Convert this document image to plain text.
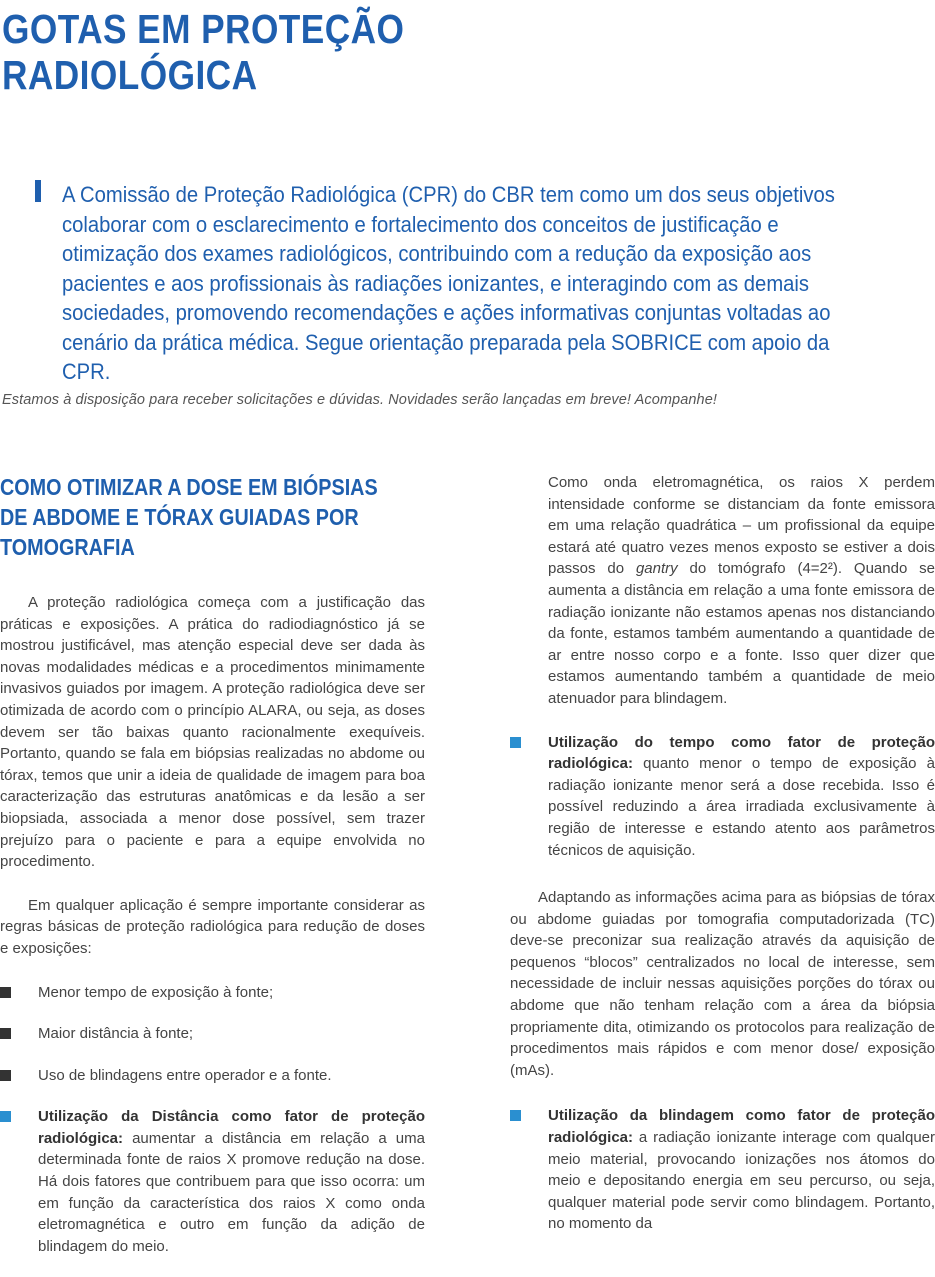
GOTAS EM PROTEÇÃO
RADIOLÓGICA

A Comissão de Proteção Radiológica (CPR) do CBR tem como um dos seus objetivos colaborar com o esclarecimento e fortalecimento dos conceitos de justificação e otimização dos exames radiológicos, contribuindo com a redução da exposição aos pacientes e aos profissionais às radiações ionizantes, e interagindo com as demais sociedades, promovendo recomendações e ações informativas conjuntas voltadas ao cenário da prática médica. Segue orientação preparada pela SOBRICE com apoio da CPR.

Estamos à disposição para receber solicitações e dúvidas. Novidades serão lançadas em breve! Acompanhe!

COMO OTIMIZAR A DOSE EM BIÓPSIAS
DE ABDOME E TÓRAX GUIADAS POR
TOMOGRAFIA

A proteção radiológica começa com a justificação das práticas e exposições. A prática do radiodiagnóstico já se mostrou justificável, mas atenção especial deve ser dada às novas modalidades médicas e a procedimentos minimamente invasivos guiados por imagem. A proteção radiológica deve ser otimizada de acordo com o princípio ALARA, ou seja, as doses devem ser tão baixas quanto racionalmente exequíveis. Portanto, quando se fala em biópsias realizadas no abdome ou tórax, temos que unir a ideia de qualidade de imagem para boa caracterização das estruturas anatômicas e da lesão a ser biopsiada, associada a menor dose possível, sem trazer prejuízo para o paciente e para a equipe envolvida no procedimento.

Em qualquer aplicação é sempre importante considerar as regras básicas de proteção radiológica para redução de doses e exposições:

Menor tempo de exposição à fonte;

Maior distância à fonte;

Uso de blindagens entre operador e a fonte.

Utilização da Distância como fator de proteção radiológica: aumentar a distância em relação a uma determinada fonte de raios X promove redução na dose. Há dois fatores que contribuem para que isso ocorra: um em função da característica dos raios X como onda eletromagnética e outro em função da adição de blindagem do meio.

Como onda eletromagnética, os raios X perdem intensidade conforme se distanciam da fonte emissora em uma relação quadrática – um profissional da equipe estará até quatro vezes menos exposto se estiver a dois passos do gantry do tomógrafo (4=2²). Quando se aumenta a distância em relação a uma fonte emissora de radiação ionizante não estamos apenas nos distanciando da fonte, estamos também aumentando a quantidade de ar entre nosso corpo e a fonte. Isso quer dizer que estamos aumentando também a quantidade de meio atenuador para blindagem.

Utilização do tempo como fator de proteção radiológica: quanto menor o tempo de exposição à radiação ionizante menor será a dose recebida. Isso é possível reduzindo a área irradiada exclusivamente à região de interesse e estando atento aos parâmetros técnicos de aquisição.

Adaptando as informações acima para as biópsias de tórax ou abdome guiadas por tomografia computadorizada (TC) deve-se preconizar sua realização através da aquisição de pequenos “blocos” centralizados no local de interesse, sem necessidade de incluir nessas aquisições porções do tórax ou abdome que não tenham relação com a área da biópsia propriamente dita, otimizando os protocolos para realização de procedimentos mais rápidos e com menor dose/ exposição (mAs).

Utilização da blindagem como fator de proteção radiológica: a radiação ionizante interage com qualquer meio material, provocando ionizações nos átomos do meio e depositando energia em seu percurso, ou seja, qualquer material pode servir como blindagem. Portanto, no momento da
